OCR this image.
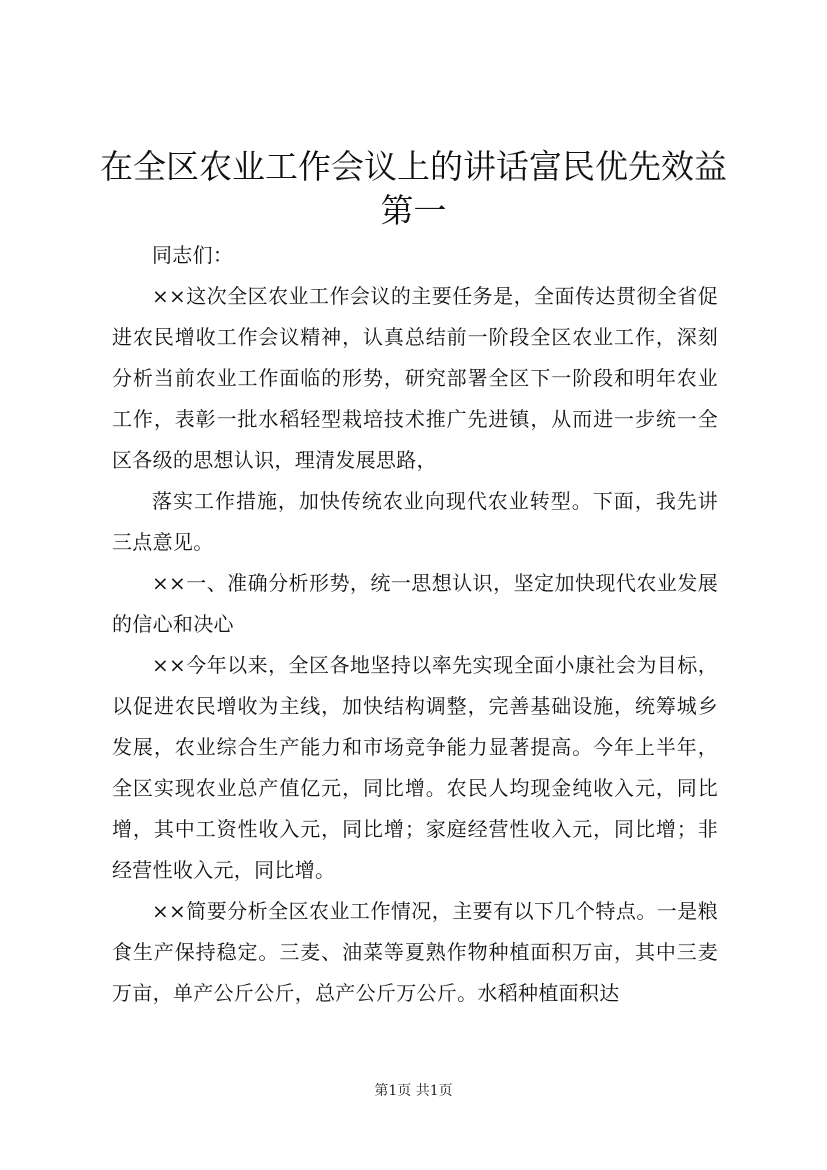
在全区农业工作会议上的讲话富民优先效益第一

同志们：

××这次全区农业工作会议的主要任务是，全面传达贯彻全省促进农民增收工作会议精神，认真总结前一阶段全区农业工作，深刻分析当前农业工作面临的形势，研究部署全区下一阶段和明年农业工作，表彰一批水稻轻型栽培技术推广先进镇，从而进一步统一全区各级的思想认识，理清发展思路，

落实工作措施，加快传统农业向现代农业转型。下面，我先讲三点意见。

××一、准确分析形势，统一思想认识，坚定加快现代农业发展的信心和决心

××今年以来，全区各地坚持以率先实现全面小康社会为目标，以促进农民增收为主线，加快结构调整，完善基础设施，统筹城乡发展，农业综合生产能力和市场竞争能力显著提高。今年上半年，全区实现农业总产值亿元，同比增。农民人均现金纯收入元，同比增，其中工资性收入元，同比增；家庭经营性收入元，同比增；非经营性收入元，同比增。

××简要分析全区农业工作情况，主要有以下几个特点。一是粮食生产保持稳定。三麦、油菜等夏熟作物种植面积万亩，其中三麦万亩，单产公斤公斤，总产公斤万公斤。水稻种植面积达

第1页 共1页
